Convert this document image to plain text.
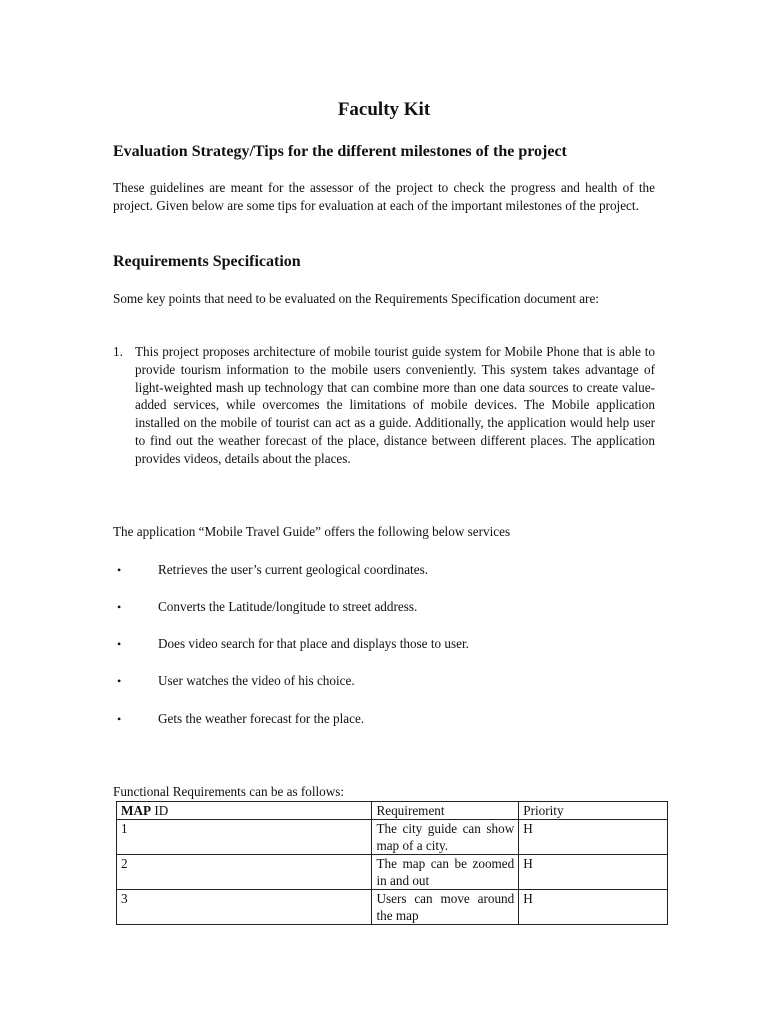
Faculty Kit
Evaluation Strategy/Tips for the different milestones of the project
These guidelines are meant for the assessor of the project to check the progress and health of the project. Given below are some tips for evaluation at each of the important milestones of the project.
Requirements Specification
Some key points that need to be evaluated on the Requirements Specification document are:
1. This project proposes architecture of mobile tourist guide system for Mobile Phone that is able to provide tourism information to the mobile users conveniently. This system takes advantage of light-weighted mash up technology that can combine more than one data sources to create value-added services, while overcomes the limitations of mobile devices. The Mobile application installed on the mobile of tourist can act as a guide. Additionally, the application would help user to find out the weather forecast of the place, distance between different places. The application provides videos, details about the places.
The application “Mobile Travel Guide” offers the following below services
•	Retrieves the user’s current geological coordinates.
•	Converts the Latitude/longitude to street address.
•	Does video search for that place and displays those to user.
•	User watches the video of his choice.
•	Gets the weather forecast for the place.
Functional Requirements can be as follows:
MAP ID	Requirement	Priority
1	The city guide can show map of a city.	H
2	The map can be zoomed in and out	H
3	Users can move around the map	H
